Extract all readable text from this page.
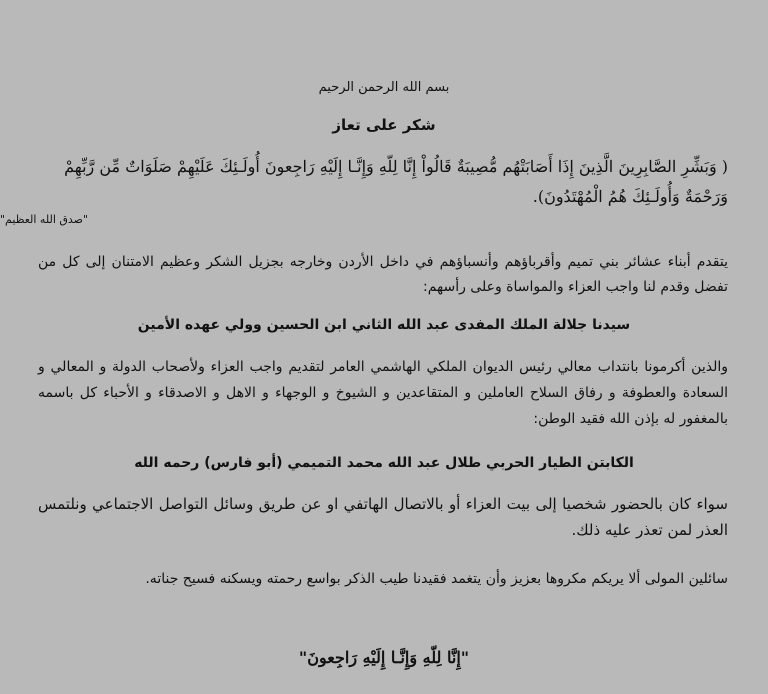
بسم الله الرحمن الرحيم
شكر على تعاز
( وَبَشِّرِ الصَّابِرِينَ الَّذِينَ إِذَا أَصَابَتْهُم مُّصِيبَةٌ قَالُواْ إِنَّا لِلّهِ وَإِنَّـا إِلَيْهِ رَاجِعونَ أُولَـئِكَ عَلَيْهِمْ صَلَوَاتٌ مِّن رَّبِّهِمْ وَرَحْمَةٌ وَأُولَـئِكَ هُمُ الْمُهْتَدُونَ).
"صدق الله العظيم"
يتقدم أبناء عشائر بني تميم وأقرباؤهم وأنسباؤهم في داخل الأردن وخارجه بجزيل الشكر وعظيم الامتنان إلى كل من تفضل وقدم لنا واجب العزاء والمواساة وعلى رأسهم:
سيدنا جلالة الملك المفدى عبد الله الثاني ابن الحسين وولي عهده الأمين
والذين أكرمونا بانتداب معالي رئيس الديوان الملكي الهاشمي العامر لتقديم واجب العزاء ولأصحاب الدولة و المعالي و السعادة والعطوفة و رفاق السلاح العاملين و المتقاعدين و الشيوخ و الوجهاء و الاهل و الاصدقاء و الأحباء كل باسمه بالمغفور له بإذن الله فقيد الوطن:
الكابتن الطيار الحربي طلال عبد الله محمد التميمي (أبو فارس) رحمه الله
سواء كان بالحضور شخصيا إلى بيت العزاء أو بالاتصال الهاتفي او عن طريق وسائل التواصل الاجتماعي ونلتمس العذر لمن تعذر عليه ذلك.
سائلين المولى ألا يريكم مكروها بعزيز وأن يتغمد فقيدنا طيب الذكر بواسع رحمته ويسكنه فسيح جناته.
"إِنَّا لِلّهِ وَإِنَّـا إِلَيْهِ رَاجِعونَ"
